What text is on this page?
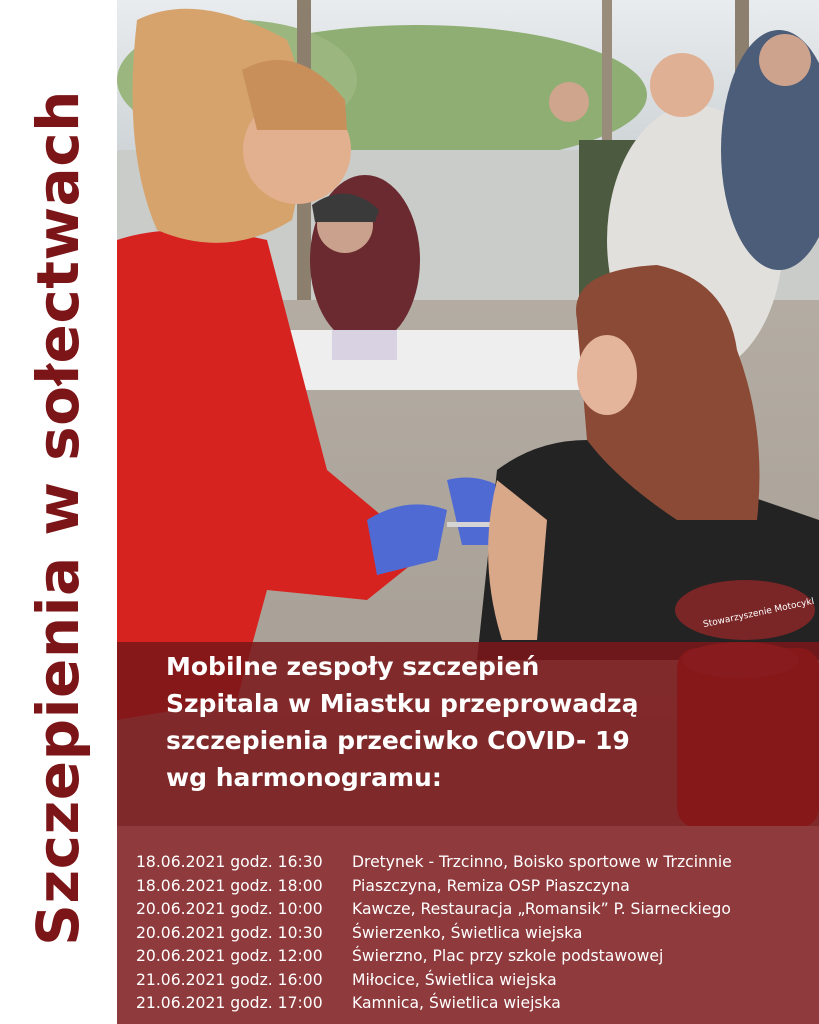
Szczepienia w sołectwach	Stowarzyszenie Motocykl
Mobilne zespoły szczepień
Szpitala w Miastku przeprowadzą
szczepienia przeciwko COVID- 19
wg harmonogramu:
18.06.2021 godz. 16:30	Dretynek - Trzcinno, Boisko sportowe w Trzcinnie
18.06.2021 godz. 18:00	Piaszczyna, Remiza OSP Piaszczyna
20.06.2021 godz. 10:00	Kawcze, Restauracja „Romansik” P. Siarneckiego
20.06.2021 godz. 10:30	Świerzenko, Świetlica wiejska
20.06.2021 godz. 12:00	Świerzno, Plac przy szkole podstawowej
21.06.2021 godz. 16:00	Miłocice, Świetlica wiejska
21.06.2021 godz. 17:00	Kamnica, Świetlica wiejska
